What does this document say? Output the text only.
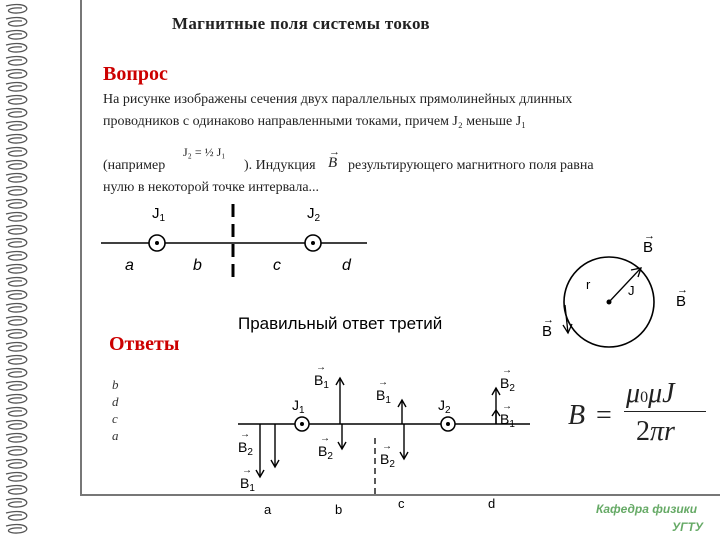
Магнитные поля системы токов
Вопрос
На рисунке изображены сечения двух параллельных прямолинейных длинных
проводников с одинаково направленными токами, причем J₂ меньше J₁
(например
J₂ = ½ J₁
). Индукция
→
B результирующего магнитного поля равна
нулю в некоторой точке интервала...
$J_1$	$J_2$
a	b	c	d
B
→
B
→
B
→
r	J
Правильный ответ третий
Ответы
b
d
c
a
$B_1$
→
$J_1$
$B_1$
→
$J_2$
$B_2$
→
$B_1$
→
$B_2$
→
$B_1$
→
$B_2$
→
$B_2$
→
a	b	c	d
B =
μ0μJ
2πr
Кафедра физики
УГТУ
